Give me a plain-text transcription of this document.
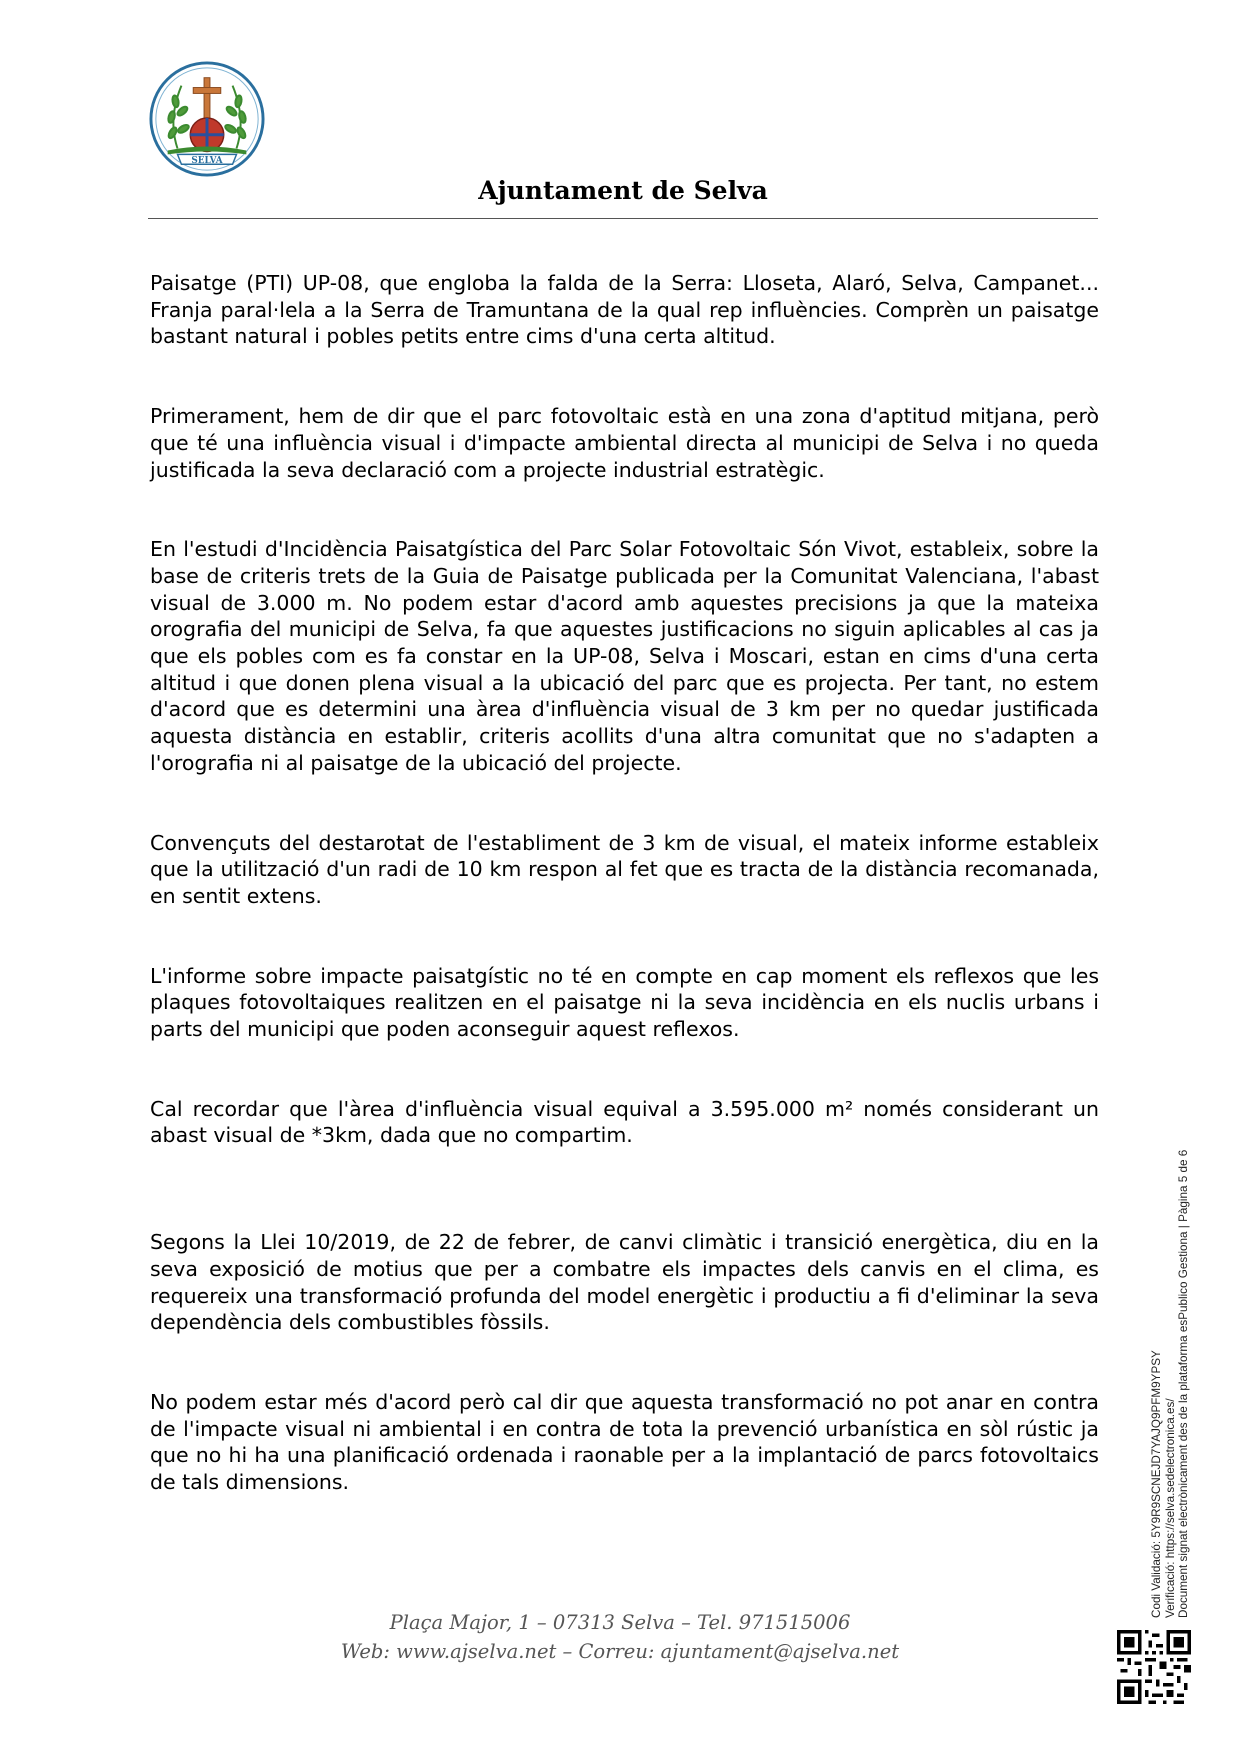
SELVA
Ajuntament de Selva

Paisatge (PTI) UP-08, que engloba la falda de la Serra: Lloseta, Alaró, Selva, Campanet... Franja paral·lela a la Serra de Tramuntana de la qual rep influències. Comprèn un paisatge bastant natural i pobles petits entre cims d'una certa altitud.

Primerament, hem de dir que el parc fotovoltaic està en una zona d'aptitud mitjana, però que té una influència visual i d'impacte ambiental directa al municipi de Selva i no queda justificada la seva declaració com a projecte industrial estratègic.

En l'estudi d'Incidència Paisatgística del Parc Solar Fotovoltaic Són Vivot, estableix, sobre la base de criteris trets de la Guia de Paisatge publicada per la Comunitat Valenciana, l'abast visual de 3.000 m. No podem estar d'acord amb aquestes precisions ja que la mateixa orografia del municipi de Selva, fa que aquestes justificacions no siguin aplicables al cas ja que els pobles com es fa constar en la UP-08, Selva i Moscari, estan en cims d'una certa altitud i que donen plena visual a la ubicació del parc que es projecta. Per tant, no estem d'acord que es determini una àrea d'influència visual de 3 km per no quedar justificada aquesta distància en establir, criteris acollits d'una altra comunitat que no s'adapten a l'orografia ni al paisatge de la ubicació del projecte.

Convençuts del destarotat de l'establiment de 3 km de visual, el mateix informe estableix que la utilització d'un radi de 10 km respon al fet que es tracta de la distància recomanada, en sentit extens.

L'informe sobre impacte paisatgístic no té en compte en cap moment els reflexos que les plaques fotovoltaiques realitzen en el paisatge ni la seva incidència en els nuclis urbans i parts del municipi que poden aconseguir aquest reflexos.

Cal recordar que l'àrea d'influència visual equival a 3.595.000 m² només considerant un abast visual de *3km, dada que no compartim.

Segons la Llei 10/2019, de 22 de febrer, de canvi climàtic i transició energètica, diu en la seva exposició de motius que per a combatre els impactes dels canvis en el clima, es requereix una transformació profunda del model energètic i productiu a fi d'eliminar la seva dependència dels combustibles fòssils.

No podem estar més d'acord però cal dir que aquesta transformació no pot anar en contra de l'impacte visual ni ambiental i en contra de tota la prevenció urbanística en sòl rústic ja que no hi ha una planificació ordenada i raonable per a la implantació de parcs fotovoltaics de tals dimensions.

Plaça Major, 1 – 07313 Selva – Tel. 971515006
Web: www.ajselva.net – Correu: ajuntament@ajselva.net
Codi Validació: 5Y9R9SCNEJD7YAJQ9PFM9YPSY Verificació: https://selva.sedelectronica.es/ Document signat electrònicament des de la plataforma esPublico Gestiona | Pàgina 5 de 6
